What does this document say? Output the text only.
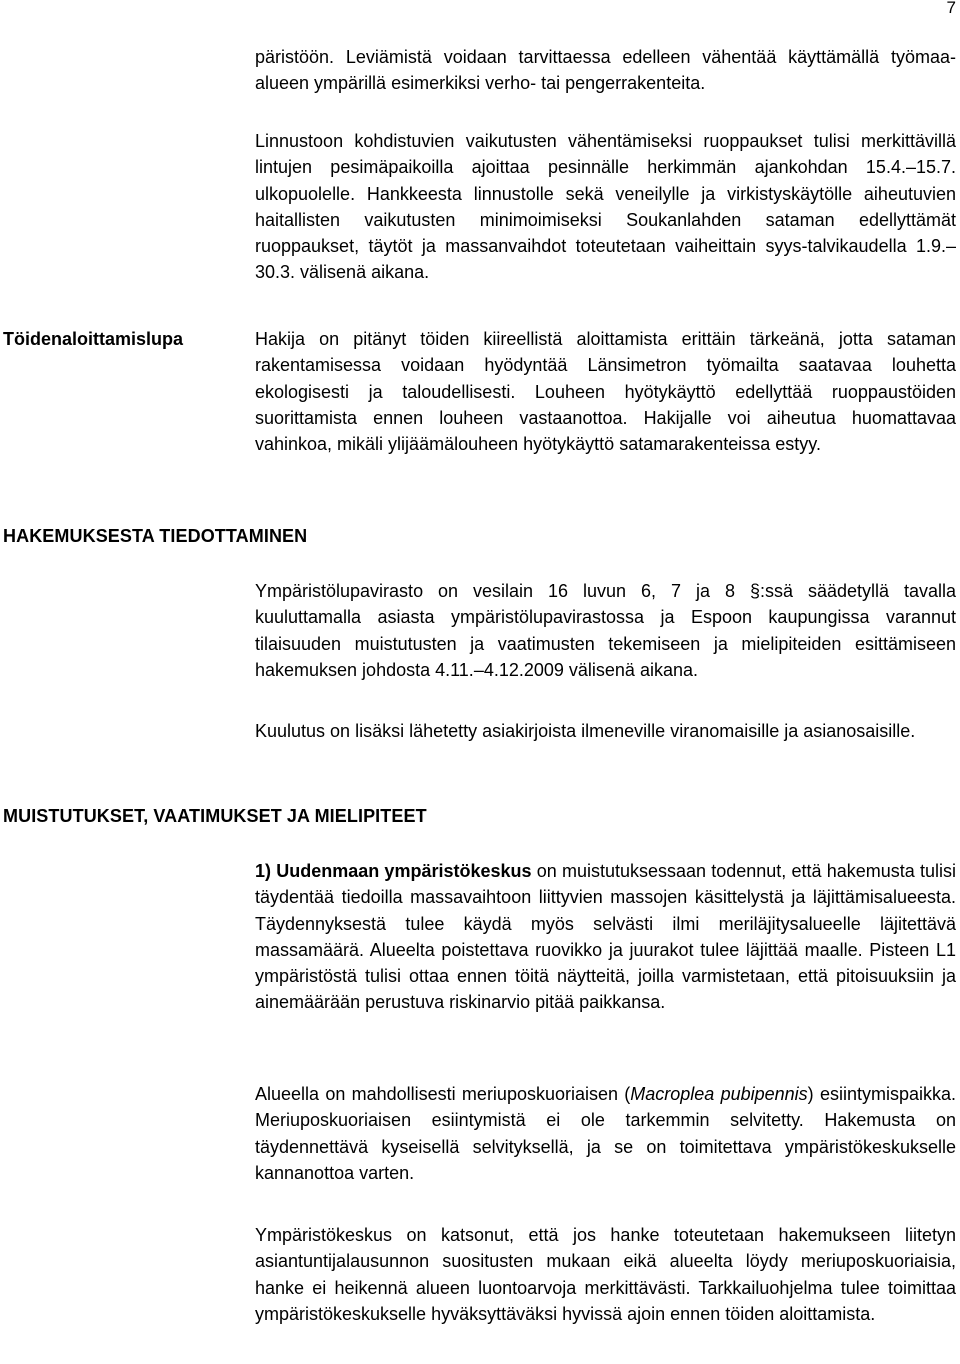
7

päristöön. Leviämistä voidaan tarvittaessa edelleen vähentää käyttämällä työmaa-alueen ympärillä esimerkiksi verho- tai pengerrakenteita.

Linnustoon kohdistuvien vaikutusten vähentämiseksi ruoppaukset tulisi merkittävillä lintujen pesimäpaikoilla ajoittaa pesinnälle herkimmän ajankohdan 15.4.–15.7. ulkopuolelle. Hankkeesta linnustolle sekä veneilylle ja virkistyskäytölle aiheutuvien haitallisten vaikutusten minimoimiseksi Soukanlahden sataman edellyttämät ruoppaukset, täytöt ja massanvaihdot toteutetaan vaiheittain syys-talvikaudella 1.9.–30.3. välisenä aikana.

Töidenaloittamislupa	Hakija on pitänyt töiden kiireellistä aloittamista erittäin tärkeänä, jotta sataman rakentamisessa voidaan hyödyntää Länsimetron työmailta saatavaa louhetta ekologisesti ja taloudellisesti. Louheen hyötykäyttö edellyttää ruoppaustöiden suorittamista ennen louheen vastaanottoa. Hakijalle voi aiheutua huomattavaa vahinkoa, mikäli ylijäämälouheen hyötykäyttö satamarakenteissa estyy.

HAKEMUKSESTA TIEDOTTAMINEN

Ympäristölupavirasto on vesilain 16 luvun 6, 7 ja 8 §:ssä säädetyllä tavalla kuuluttamalla asiasta ympäristölupavirastossa ja Espoon kaupungissa varannut tilaisuuden muistutusten ja vaatimusten tekemiseen ja mielipiteiden esittämiseen hakemuksen johdosta 4.11.–4.12.2009 välisenä aikana.

Kuulutus on lisäksi lähetetty asiakirjoista ilmeneville viranomaisille ja asianosaisille.

MUISTUTUKSET, VAATIMUKSET JA MIELIPITEET

1) Uudenmaan ympäristökeskus on muistutuksessaan todennut, että hakemusta tulisi täydentää tiedoilla massavaihtoon liittyvien massojen käsittelystä ja läjittämisalueesta. Täydennyksestä tulee käydä myös selvästi ilmi meriläjitysalueelle läjitettävä massamäärä. Alueelta poistettava ruovikko ja juurakot tulee läjittää maalle. Pisteen L1 ympäristöstä tulisi ottaa ennen töitä näytteitä, joilla varmistetaan, että pitoisuuksiin ja ainemäärään perustuva riskinarvio pitää paikkansa.

Alueella on mahdollisesti meriuposkuoriaisen (Macroplea pubipennis) esiintymispaikka. Meriuposkuoriaisen esiintymistä ei ole tarkemmin selvitetty. Hakemusta on täydennettävä kyseisellä selvityksellä, ja se on toimitettava ympäristökeskukselle kannanottoa varten.

Ympäristökeskus on katsonut, että jos hanke toteutetaan hakemukseen liitetyn asiantuntijalausunnon suositusten mukaan eikä alueelta löydy meriuposkuoriaisia, hanke ei heikennä alueen luontoarvoja merkittävästi. Tarkkailuohjelma tulee toimittaa ympäristökeskukselle hyväksyttäväksi hyvissä ajoin ennen töiden aloittamista.
